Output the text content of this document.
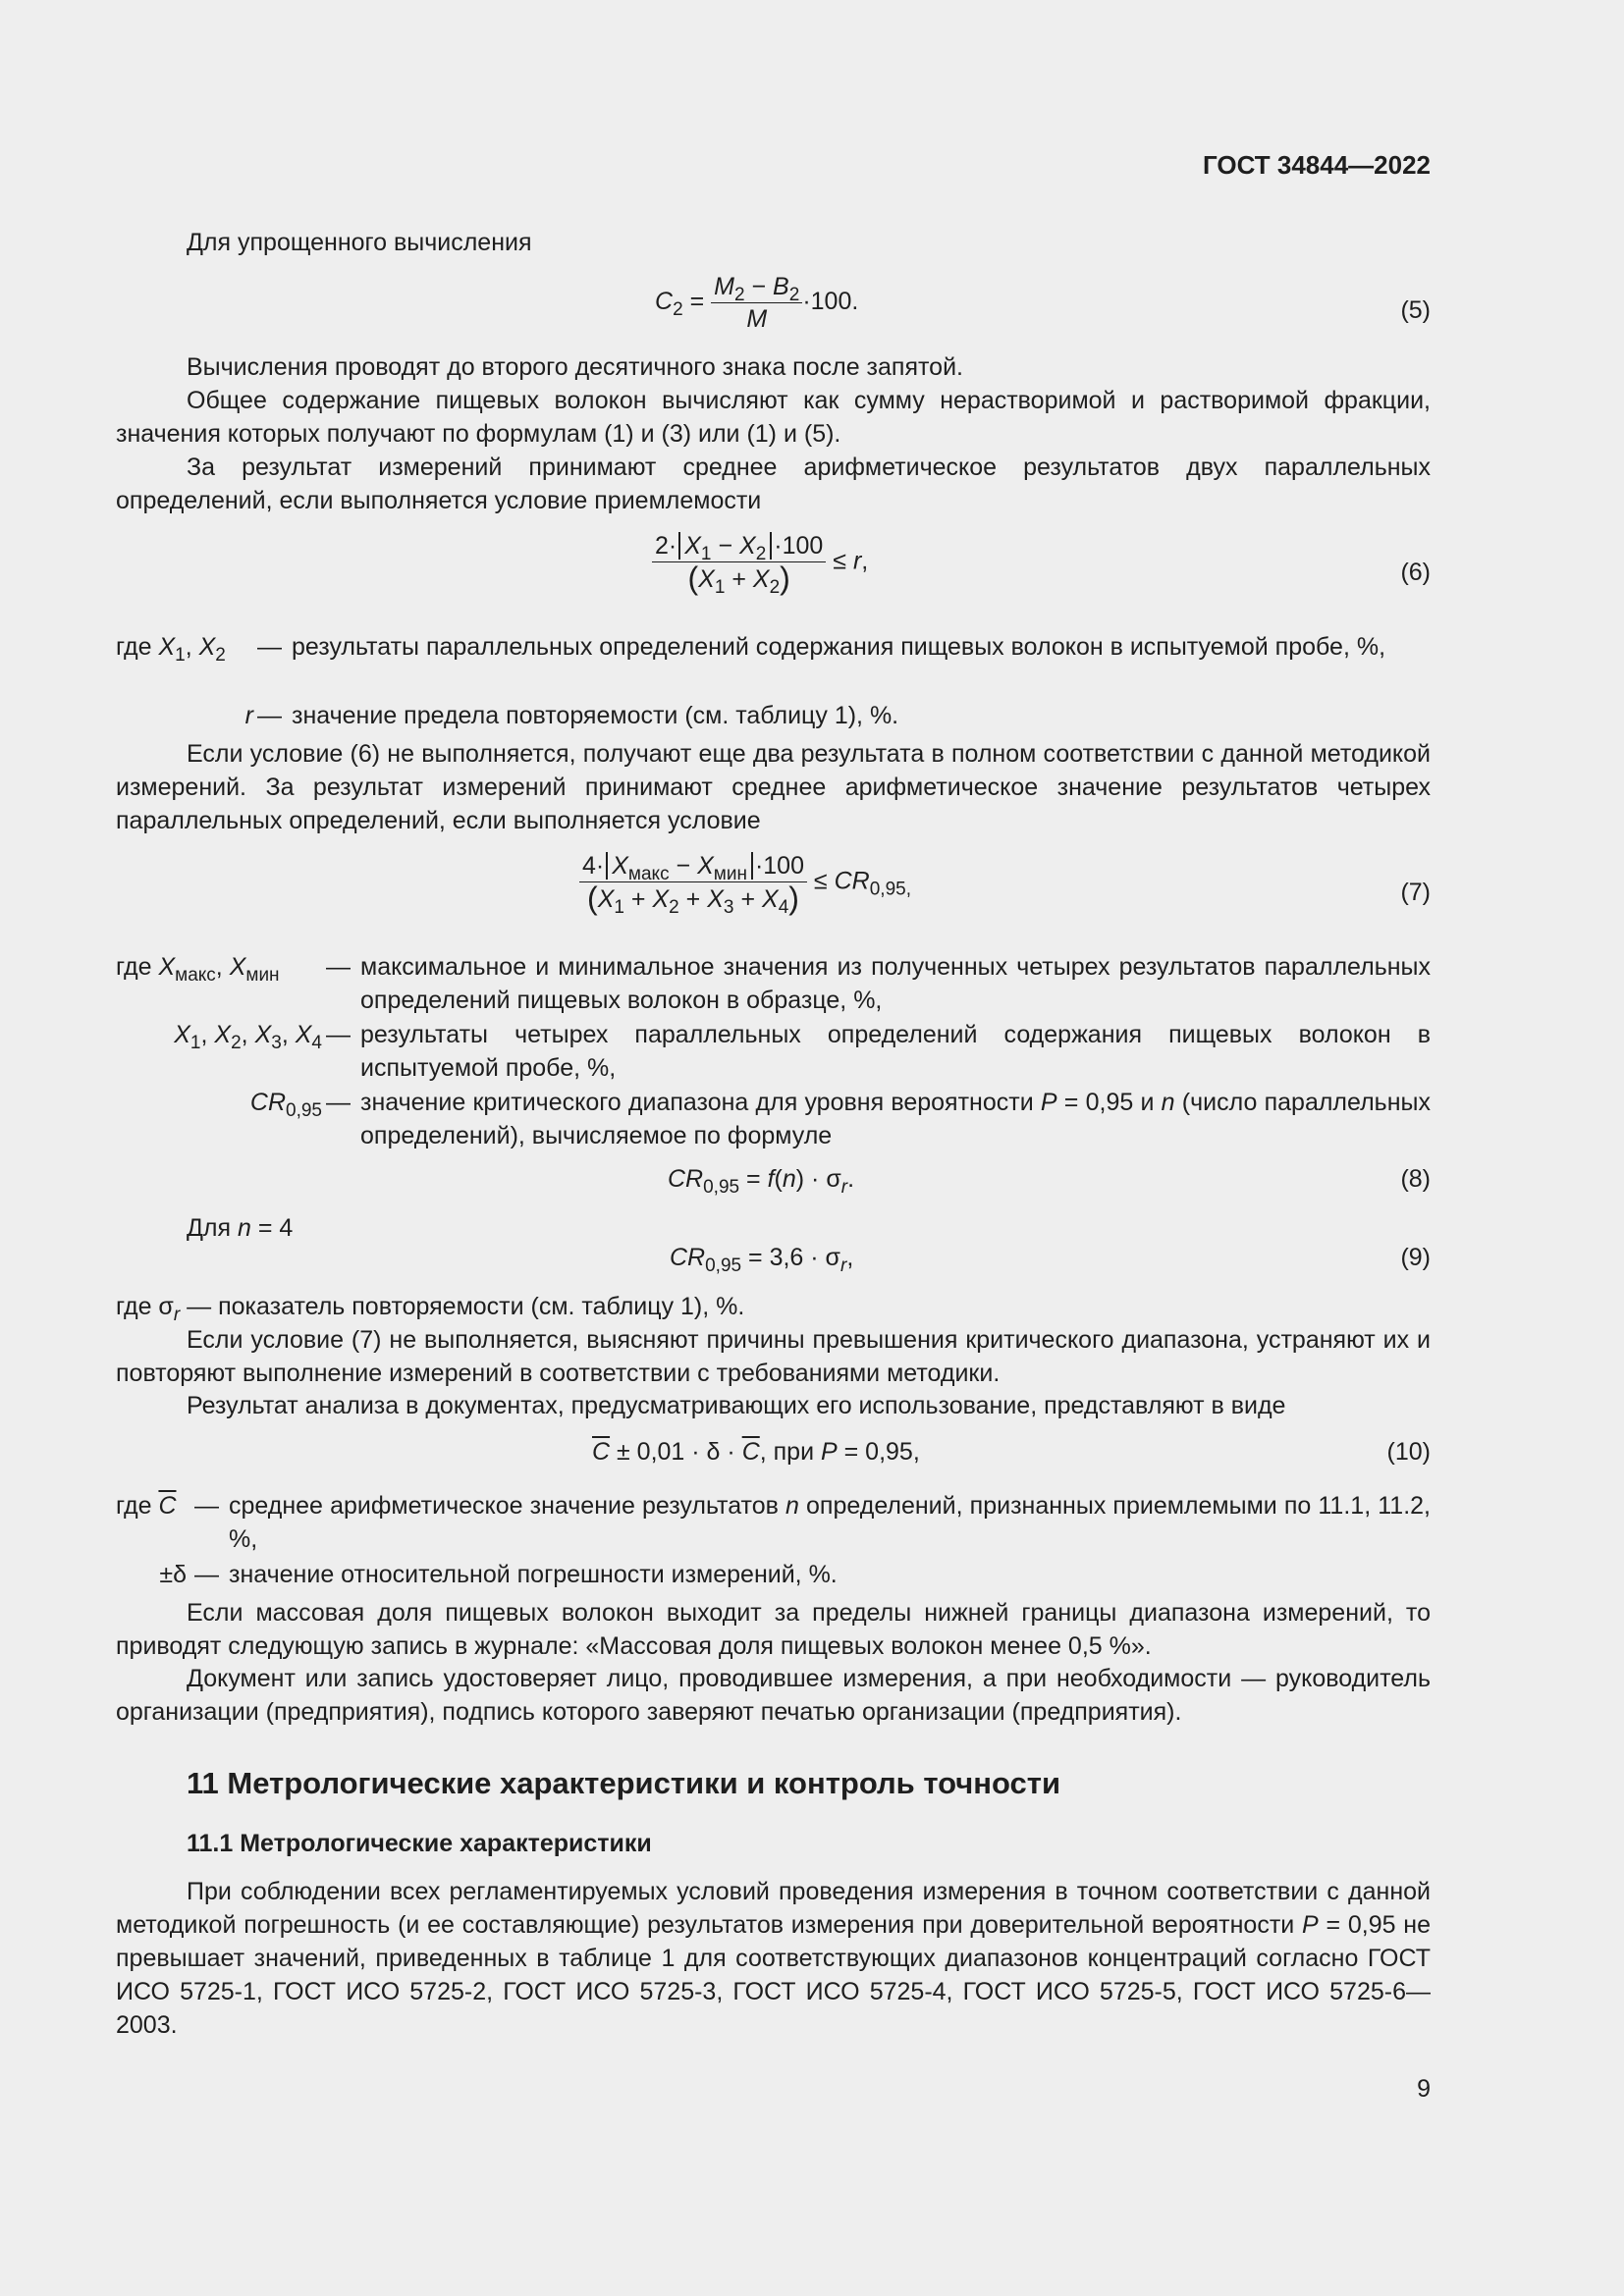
ГОСТ 34844—2022
Для упрощенного вычисления
$C_2 = \frac{M_2 - B_2}{M} \cdot 100$.	(5)
Вычисления проводят до второго десятичного знака после запятой.

Общее содержание пищевых волокон вычисляют как сумму нерастворимой и растворимой фракции, значения которых получают по формулам (1) и (3) или (1) и (5).

За результат измерений принимают среднее арифметическое результатов двух параллельных определений, если выполняется условие приемлемости

$\frac{2\cdot X_1 - X_2 \cdot 100}{(X_1 + X_2)} \le r$,	(6)
где $X_1$, $X_2$	— результаты параллельных определений содержания пищевых волокон в испытуемой пробе, %,
r — значение предела повторяемости (см. таблицу 1), %.

Если условие (6) не выполняется, получают еще два результата в полном соответствии с данной методикой измерений. За результат измерений принимают среднее арифметическое значение результатов четырех параллельных определений, если выполняется условие

$\frac{4\cdot X_{макс} - X_{мин} \cdot 100}{(X_1 + X_2 + X_3 + X_4)} \le CR_{0,95,}$	(7)
где $X_{макс}$, $X_{мин}$	— максимальное и минимальное значения из полученных четырех результатов параллельных определений пищевых волокон в образце, %,
$X_1$, $X_2$, $X_3$, $X_4$ — результаты четырех параллельных определений содержания пищевых волокон в испытуемой пробе, %,
$CR_{0,95}$ — значение критического диапазона для уровня вероятности P = 0,95 и n (число параллельных определений), вычисляемое по формуле
$CR_{0,95} = f(n) \cdot \sigma_r$.	(8)
Для n = 4
$CR_{0,95} = 3,6 \cdot \sigma_r$,	(9)
где $\sigma_r$ — показатель повторяемости (см. таблицу 1), %.

Если условие (7) не выполняется, выясняют причины превышения критического диапазона, устраняют их и повторяют выполнение измерений в соответствии с требованиями методики.

Результат анализа в документах, предусматривающих его использование, представляют в виде
$\overline{C} \pm 0,01 \cdot \delta \cdot \overline{C}$, при P = 0,95,	(10)
где $\overline{C}$ — среднее арифметическое значение результатов n определений, признанных приемлемыми по 11.1, 11.2, %,
±δ — значение относительной погрешности измерений, %.

Если массовая доля пищевых волокон выходит за пределы нижней границы диапазона измерений, то приводят следующую запись в журнале: «Массовая доля пищевых волокон менее 0,5 %».

Документ или запись удостоверяет лицо, проводившее измерения, а при необходимости — руководитель организации (предприятия), подпись которого заверяют печатью организации (предприятия).

11 Метрологические характеристики и контроль точности
11.1 Метрологические характеристики

При соблюдении всех регламентируемых условий проведения измерения в точном соответствии с данной методикой погрешность (и ее составляющие) результатов измерения при доверительной вероятности P = 0,95 не превышает значений, приведенных в таблице 1 для соответствующих диапазонов концентраций согласно ГОСТ ИСО 5725-1, ГОСТ ИСО 5725-2, ГОСТ ИСО 5725-3, ГОСТ ИСО 5725-4, ГОСТ ИСО 5725-5, ГОСТ ИСО 5725-6—2003.

9
